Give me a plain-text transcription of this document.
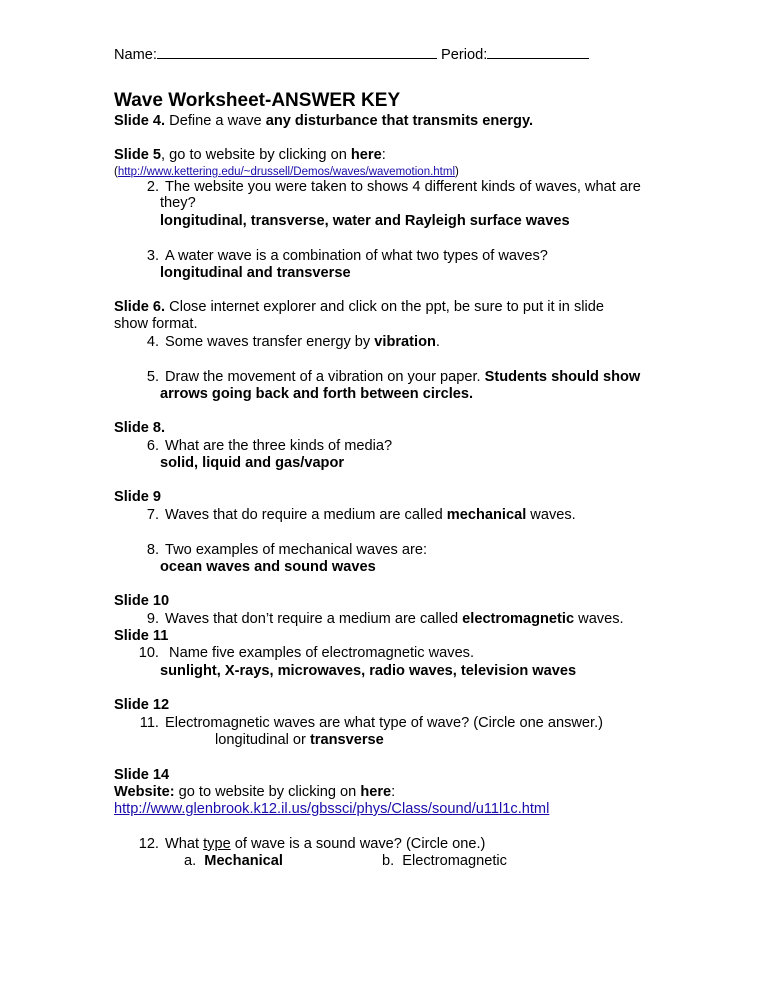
Name:	Period:
Wave Worksheet-ANSWER KEY
Slide 4. Define a wave any disturbance that transmits energy.
Slide 5, go to website by clicking on here:
(http://www.kettering.edu/~drussell/Demos/waves/wavemotion.html)
2. The website you were taken to shows 4 different kinds of waves, what are
they?
longitudinal, transverse, water and Rayleigh surface waves
3. A water wave is a combination of what two types of waves?
longitudinal and transverse
Slide 6. Close internet explorer and click on the ppt, be sure to put it in slide
show format.
4. Some waves transfer energy by vibration.
5. Draw the movement of a vibration on your paper. Students should show
arrows going back and forth between circles.
Slide 8.
6. What are the three kinds of media?
solid, liquid and gas/vapor
Slide 9
7. Waves that do require a medium are called mechanical waves.
8. Two examples of mechanical waves are:
ocean waves and sound waves
Slide 10
9. Waves that don’t require a medium are called electromagnetic waves.
Slide 11
10. Name five examples of electromagnetic waves.
sunlight, X-rays, microwaves, radio waves, television waves
Slide 12
11. Electromagnetic waves are what type of wave? (Circle one answer.)
longitudinal or transverse
Slide 14
Website: go to website by clicking on here:
http://www.glenbrook.k12.il.us/gbssci/phys/Class/sound/u11l1c.html
12. What type of wave is a sound wave? (Circle one.)
a. Mechanical	b. Electromagnetic
